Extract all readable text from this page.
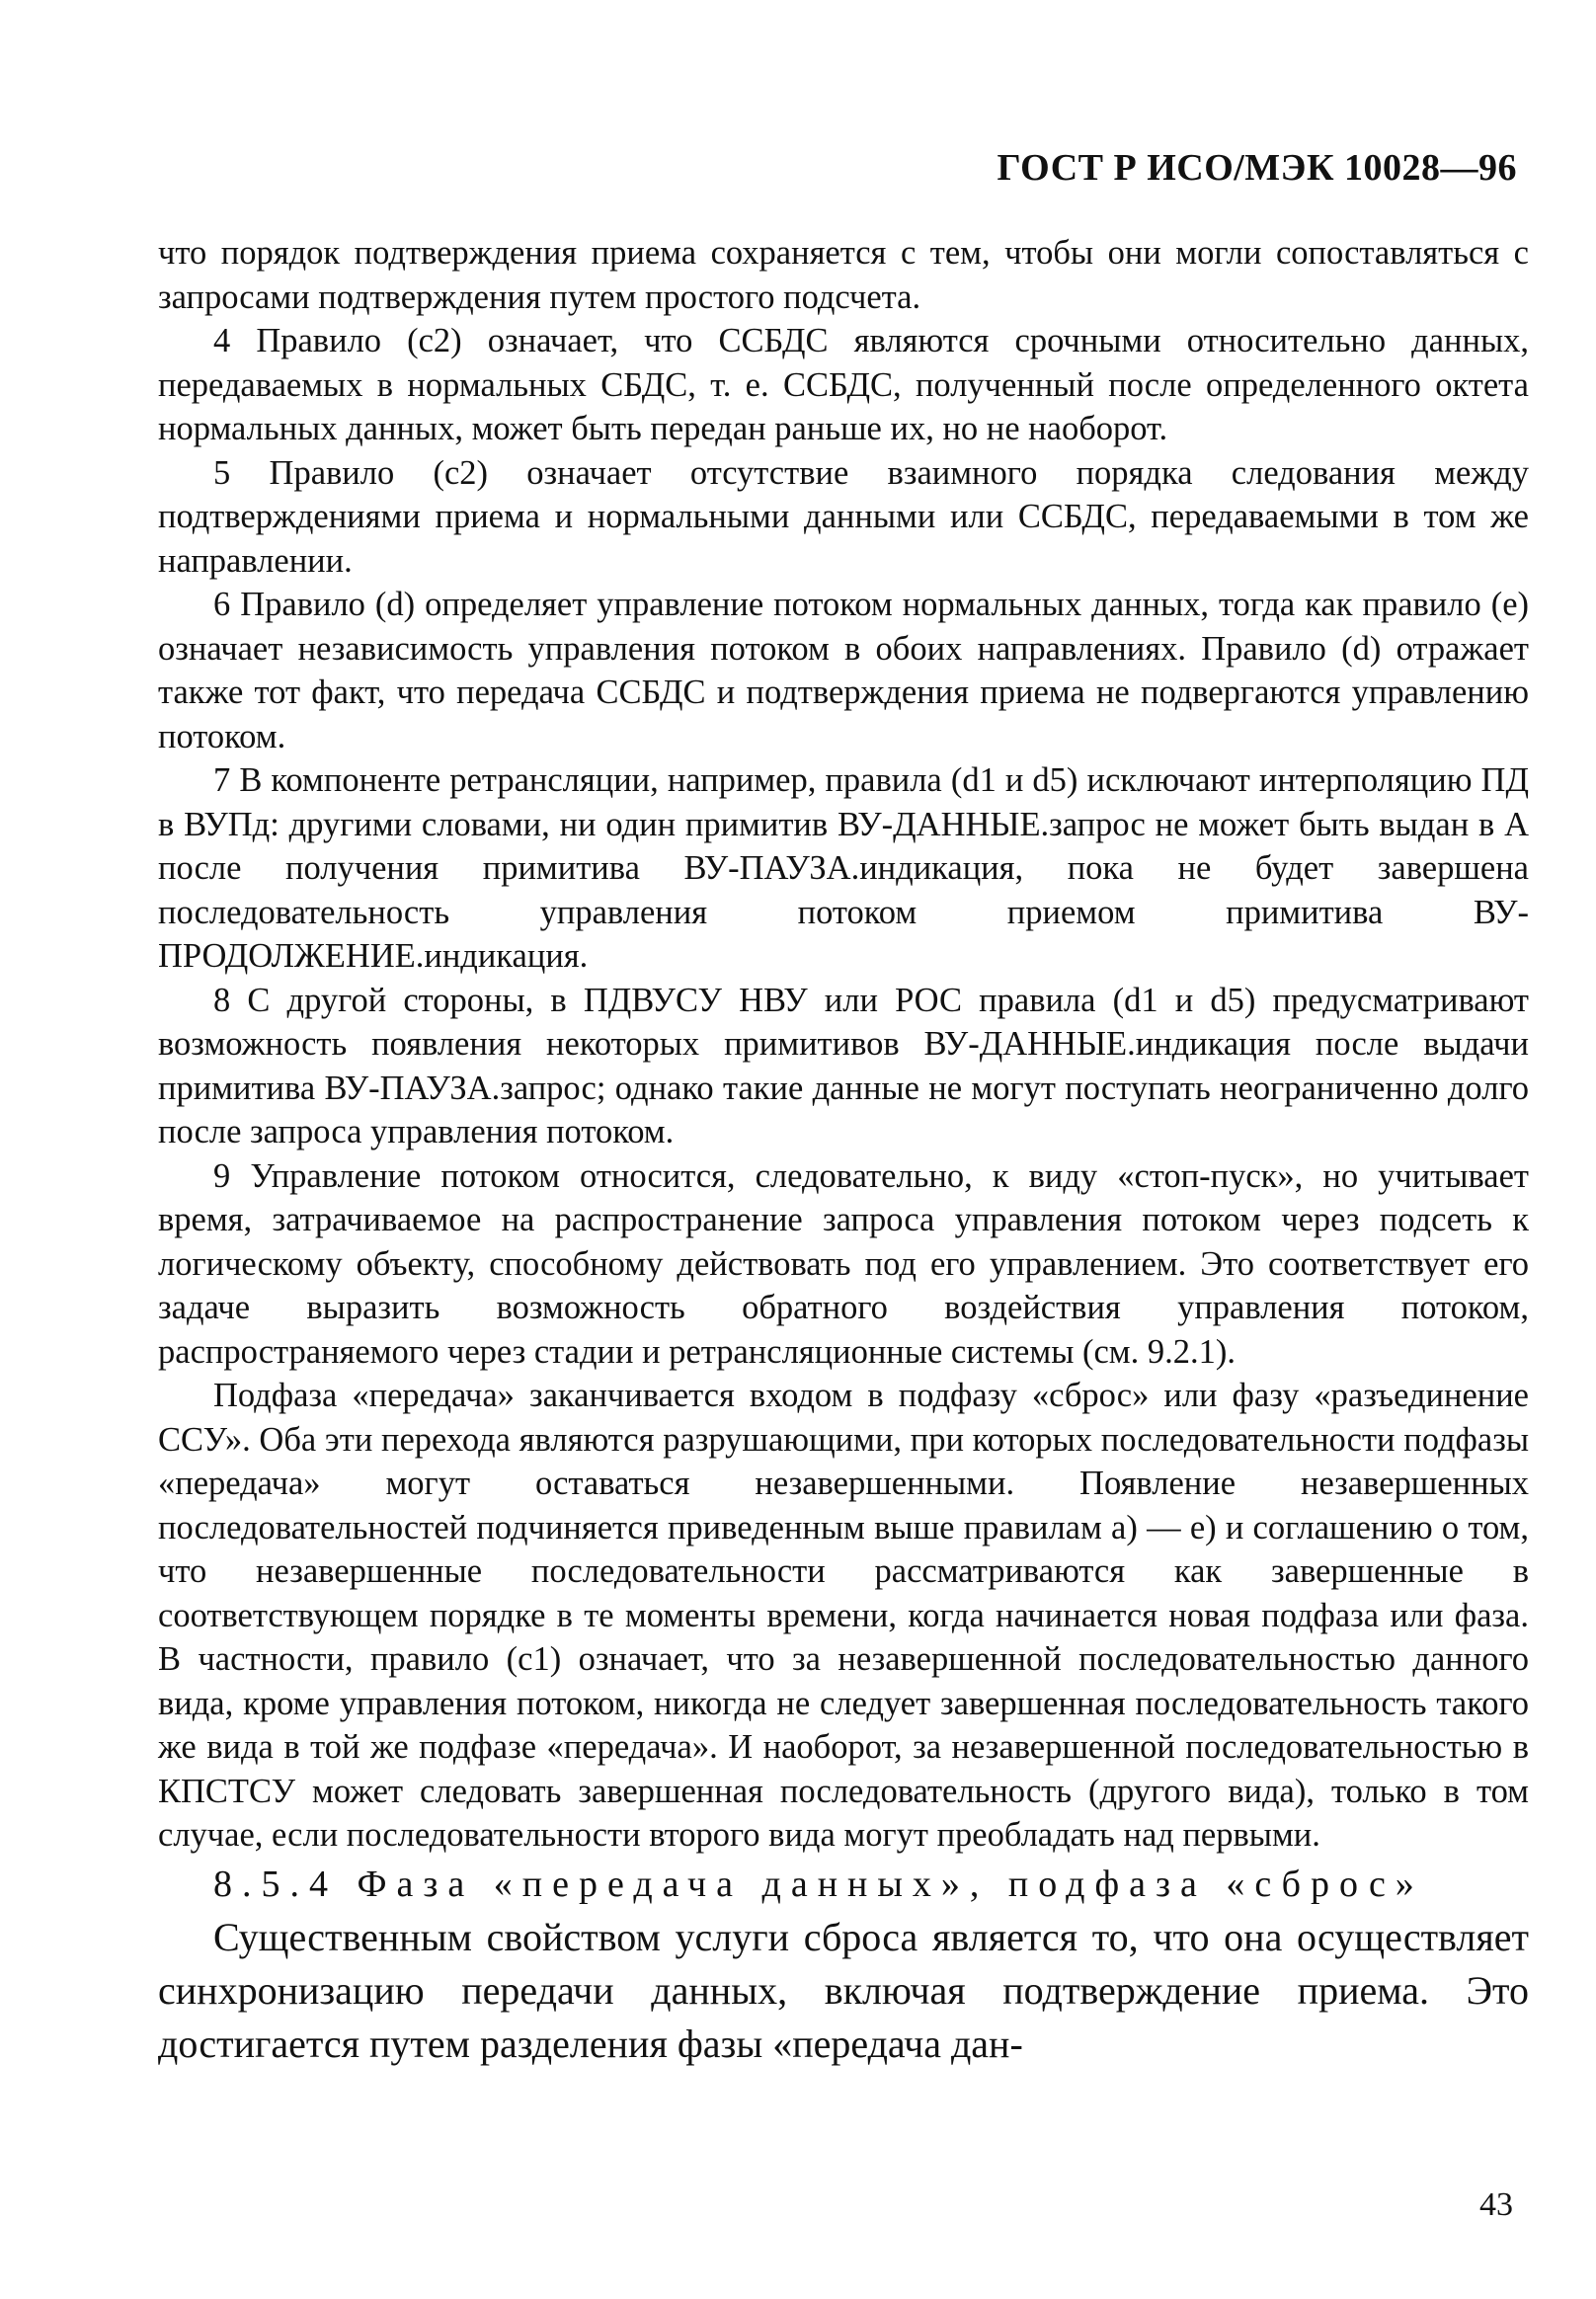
ГОСТ Р ИСО/МЭК 10028—96

что порядок подтверждения приема сохраняется с тем, чтобы они могли сопоставляться с запросами подтверждения путем простого подсчета.

4 Правило (с2) означает, что ССБДС являются срочными относительно данных, передаваемых в нормальных СБДС, т. е. ССБДС, полученный после определенного октета нормальных данных, может быть передан раньше их, но не наоборот.

5 Правило (с2) означает отсутствие взаимного порядка следования между подтверждениями приема и нормальными данными или ССБДС, передаваемыми в том же направлении.

6 Правило (d) определяет управление потоком нормальных данных, тогда как правило (е) означает независимость управления потоком в обоих направлениях. Правило (d) отражает также тот факт, что передача ССБДС и подтверждения приема не подвергаются управлению потоком.

7 В компоненте ретрансляции, например, правила (d1 и d5) исключают интерполяцию ПД в ВУПд: другими словами, ни один примитив ВУ-ДАННЫЕ.запрос не может быть выдан в А после получения примитива ВУ-ПАУЗА.индикация, пока не будет завершена последовательность управления потоком приемом примитива ВУ-ПРОДОЛЖЕНИЕ.индикация.

8 С другой стороны, в ПДВУСУ НВУ или РОС правила (d1 и d5) предусматривают возможность появления некоторых примитивов ВУ-ДАННЫЕ.индикация после выдачи примитива ВУ-ПАУЗА.запрос; однако такие данные не могут поступать неограниченно долго после запроса управления потоком.

9 Управление потоком относится, следовательно, к виду «стоп-пуск», но учитывает время, затрачиваемое на распространение запроса управления потоком через подсеть к логическому объекту, способному действовать под его управлением. Это соответствует его задаче выразить возможность обратного воздействия управления потоком, распространяемого через стадии и ретрансляционные системы (см. 9.2.1).

Подфаза «передача» заканчивается входом в подфазу «сброс» или фазу «разъединение ССУ». Оба эти перехода являются разрушающими, при которых последовательности подфазы «передача» могут оставаться незавершенными. Появление незавершенных последовательностей подчиняется приведенным выше правилам а) — е) и соглашению о том, что незавершенные последовательности рассматриваются как завершенные в соответствующем порядке в те моменты времени, когда начинается новая подфаза или фаза. В частности, правило (с1) означает, что за незавершенной последовательностью данного вида, кроме управления потоком, никогда не следует завершенная последовательность такого же вида в той же подфазе «передача». И наоборот, за незавершенной последовательностью в КПСТСУ может следовать завершенная последовательность (другого вида), только в том случае, если последовательности второго вида могут преобладать над первыми.

8.5.4 Фаза «передача данных», подфаза «сброс»

Существенным свойством услуги сброса является то, что она осуществляет синхронизацию передачи данных, включая подтверждение приема. Это достигается путем разделения фазы «передача дан-

43
